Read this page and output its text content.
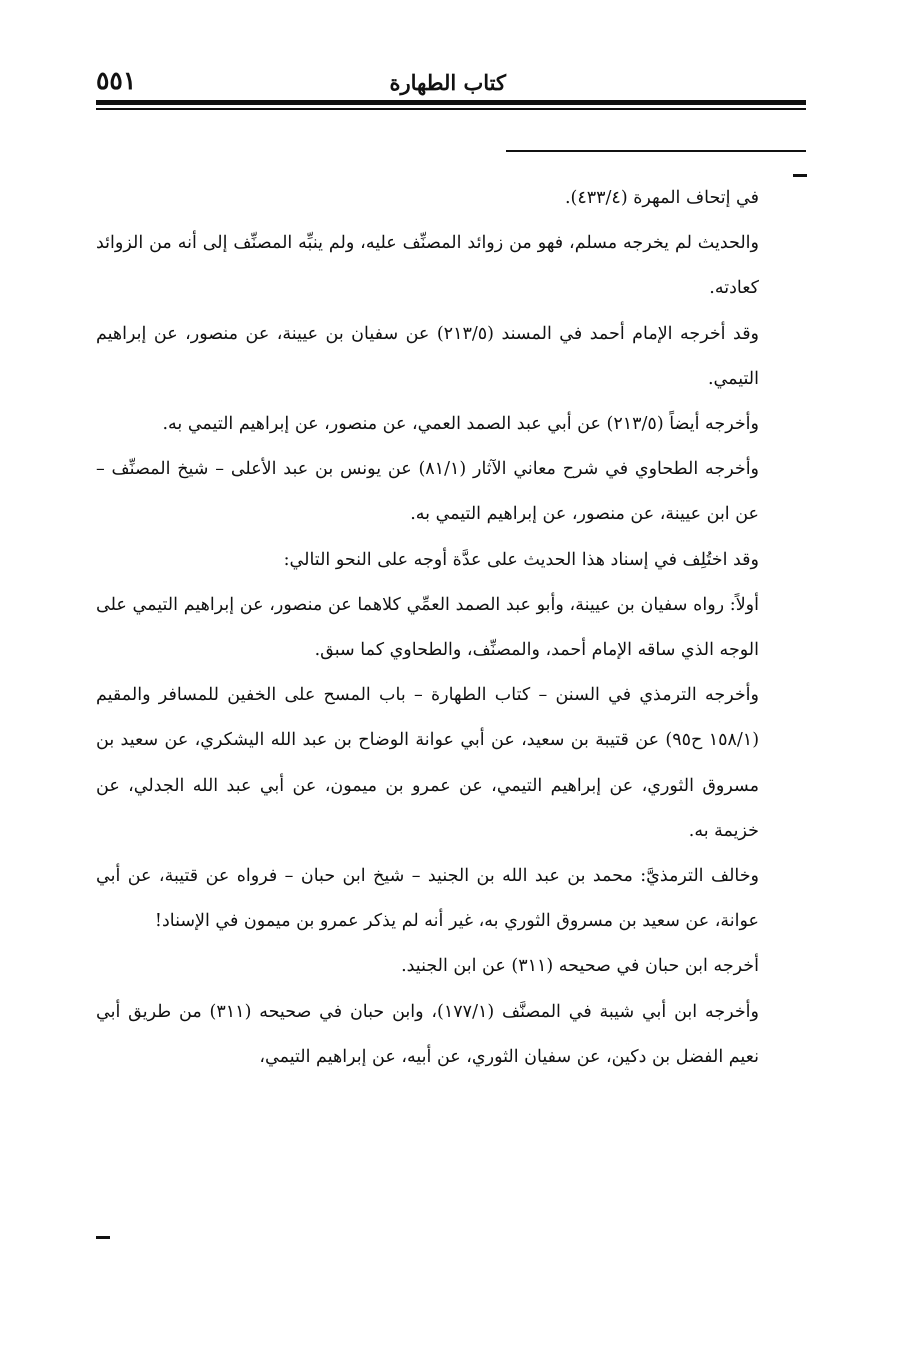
كتاب الطهارة
٥٥١

في إتحاف المهرة (٤٣٣/٤).

والحديث لم يخرجه مسلم، فهو من زوائد المصنِّف عليه، ولم ينبِّه المصنِّف إلى أنه من الزوائد كعادته.

وقد أخرجه الإمام أحمد في المسند (٢١٣/٥) عن سفيان بن عيينة، عن منصور، عن إبراهيم التيمي.

وأخرجه أيضاً (٢١٣/٥) عن أبي عبد الصمد العمي، عن منصور، عن إبراهيم التيمي به.

وأخرجه الطحاوي في شرح معاني الآثار (٨١/١) عن يونس بن عبد الأعلى – شيخ المصنِّف – عن ابن عيينة، عن منصور، عن إبراهيم التيمي به.

وقد اختُلِف في إسناد هذا الحديث على عدَّة أوجه على النحو التالي:

أولاً: رواه سفيان بن عيينة، وأبو عبد الصمد العمِّي كلاهما عن منصور، عن إبراهيم التيمي على الوجه الذي ساقه الإمام أحمد، والمصنِّف، والطحاوي كما سبق.

وأخرجه الترمذي في السنن – كتاب الطهارة – باب المسح على الخفين للمسافر والمقيم (١٥٨/١ ح٩٥) عن قتيبة بن سعيد، عن أبي عوانة الوضاح بن عبد الله اليشكري، عن سعيد بن مسروق الثوري، عن إبراهيم التيمي، عن عمرو بن ميمون، عن أبي عبد الله الجدلي، عن خزيمة به.

وخالف الترمذيَّ: محمد بن عبد الله بن الجنيد – شيخ ابن حبان – فرواه عن قتيبة، عن أبي عوانة، عن سعيد بن مسروق الثوري به، غير أنه لم يذكر عمرو بن ميمون في الإسناد!

أخرجه ابن حبان في صحيحه (٣١١) عن ابن الجنيد.

وأخرجه ابن أبي شيبة في المصنَّف (١٧٧/١)، وابن حبان في صحيحه (٣١١) من طريق أبي نعيم الفضل بن دكين، عن سفيان الثوري، عن أبيه، عن إبراهيم التيمي،
